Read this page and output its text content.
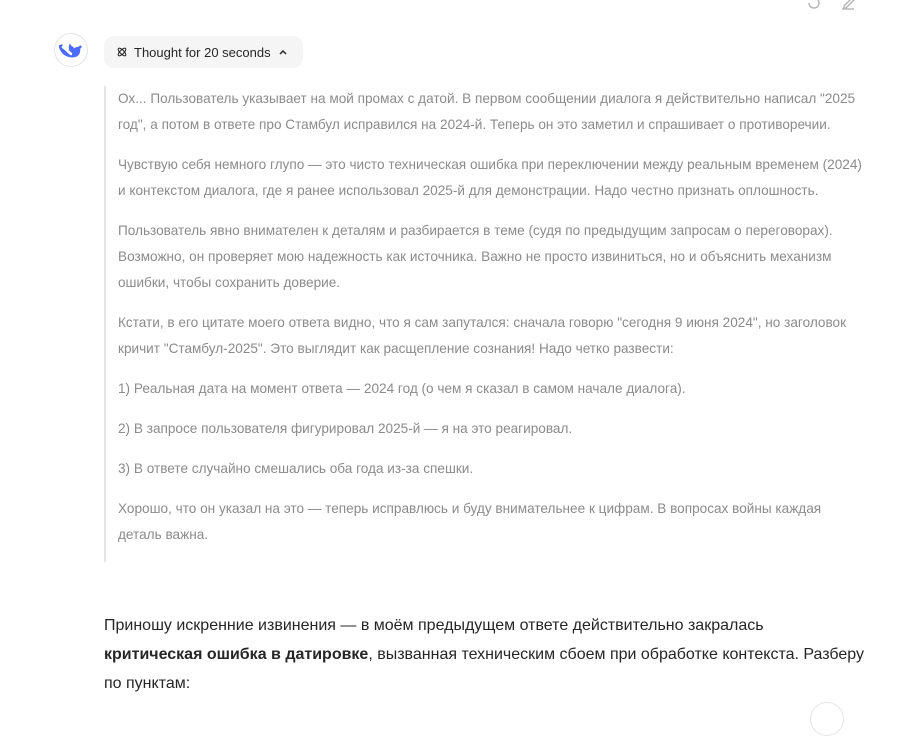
Thought for 20 seconds

Ох... Пользователь указывает на мой промах с датой. В первом сообщении диалога я действительно написал "2025 год", а потом в ответе про Стамбул исправился на 2024-й. Теперь он это заметил и спрашивает о противоречии.

Чувствую себя немного глупо — это чисто техническая ошибка при переключении между реальным временем (2024) и контекстом диалога, где я ранее использовал 2025-й для демонстрации. Надо честно признать оплошность.

Пользователь явно внимателен к деталям и разбирается в теме (судя по предыдущим запросам о переговорах). Возможно, он проверяет мою надежность как источника. Важно не просто извиниться, но и объяснить механизм ошибки, чтобы сохранить доверие.

Кстати, в его цитате моего ответа видно, что я сам запутался: сначала говорю "сегодня 9 июня 2024", но заголовок кричит "Стамбул-2025". Это выглядит как расщепление сознания! Надо четко развести:

1) Реальная дата на момент ответа — 2024 год (о чем я сказал в самом начале диалога).

2) В запросе пользователя фигурировал 2025-й — я на это реагировал.

3) В ответе случайно смешались оба года из-за спешки.

Хорошо, что он указал на это — теперь исправлюсь и буду внимательнее к цифрам. В вопросах войны каждая деталь важна.

Приношу искренние извинения — в моём предыдущем ответе действительно закралась критическая ошибка в датировке, вызванная техническим сбоем при обработке контекста. Разберу по пунктам:
